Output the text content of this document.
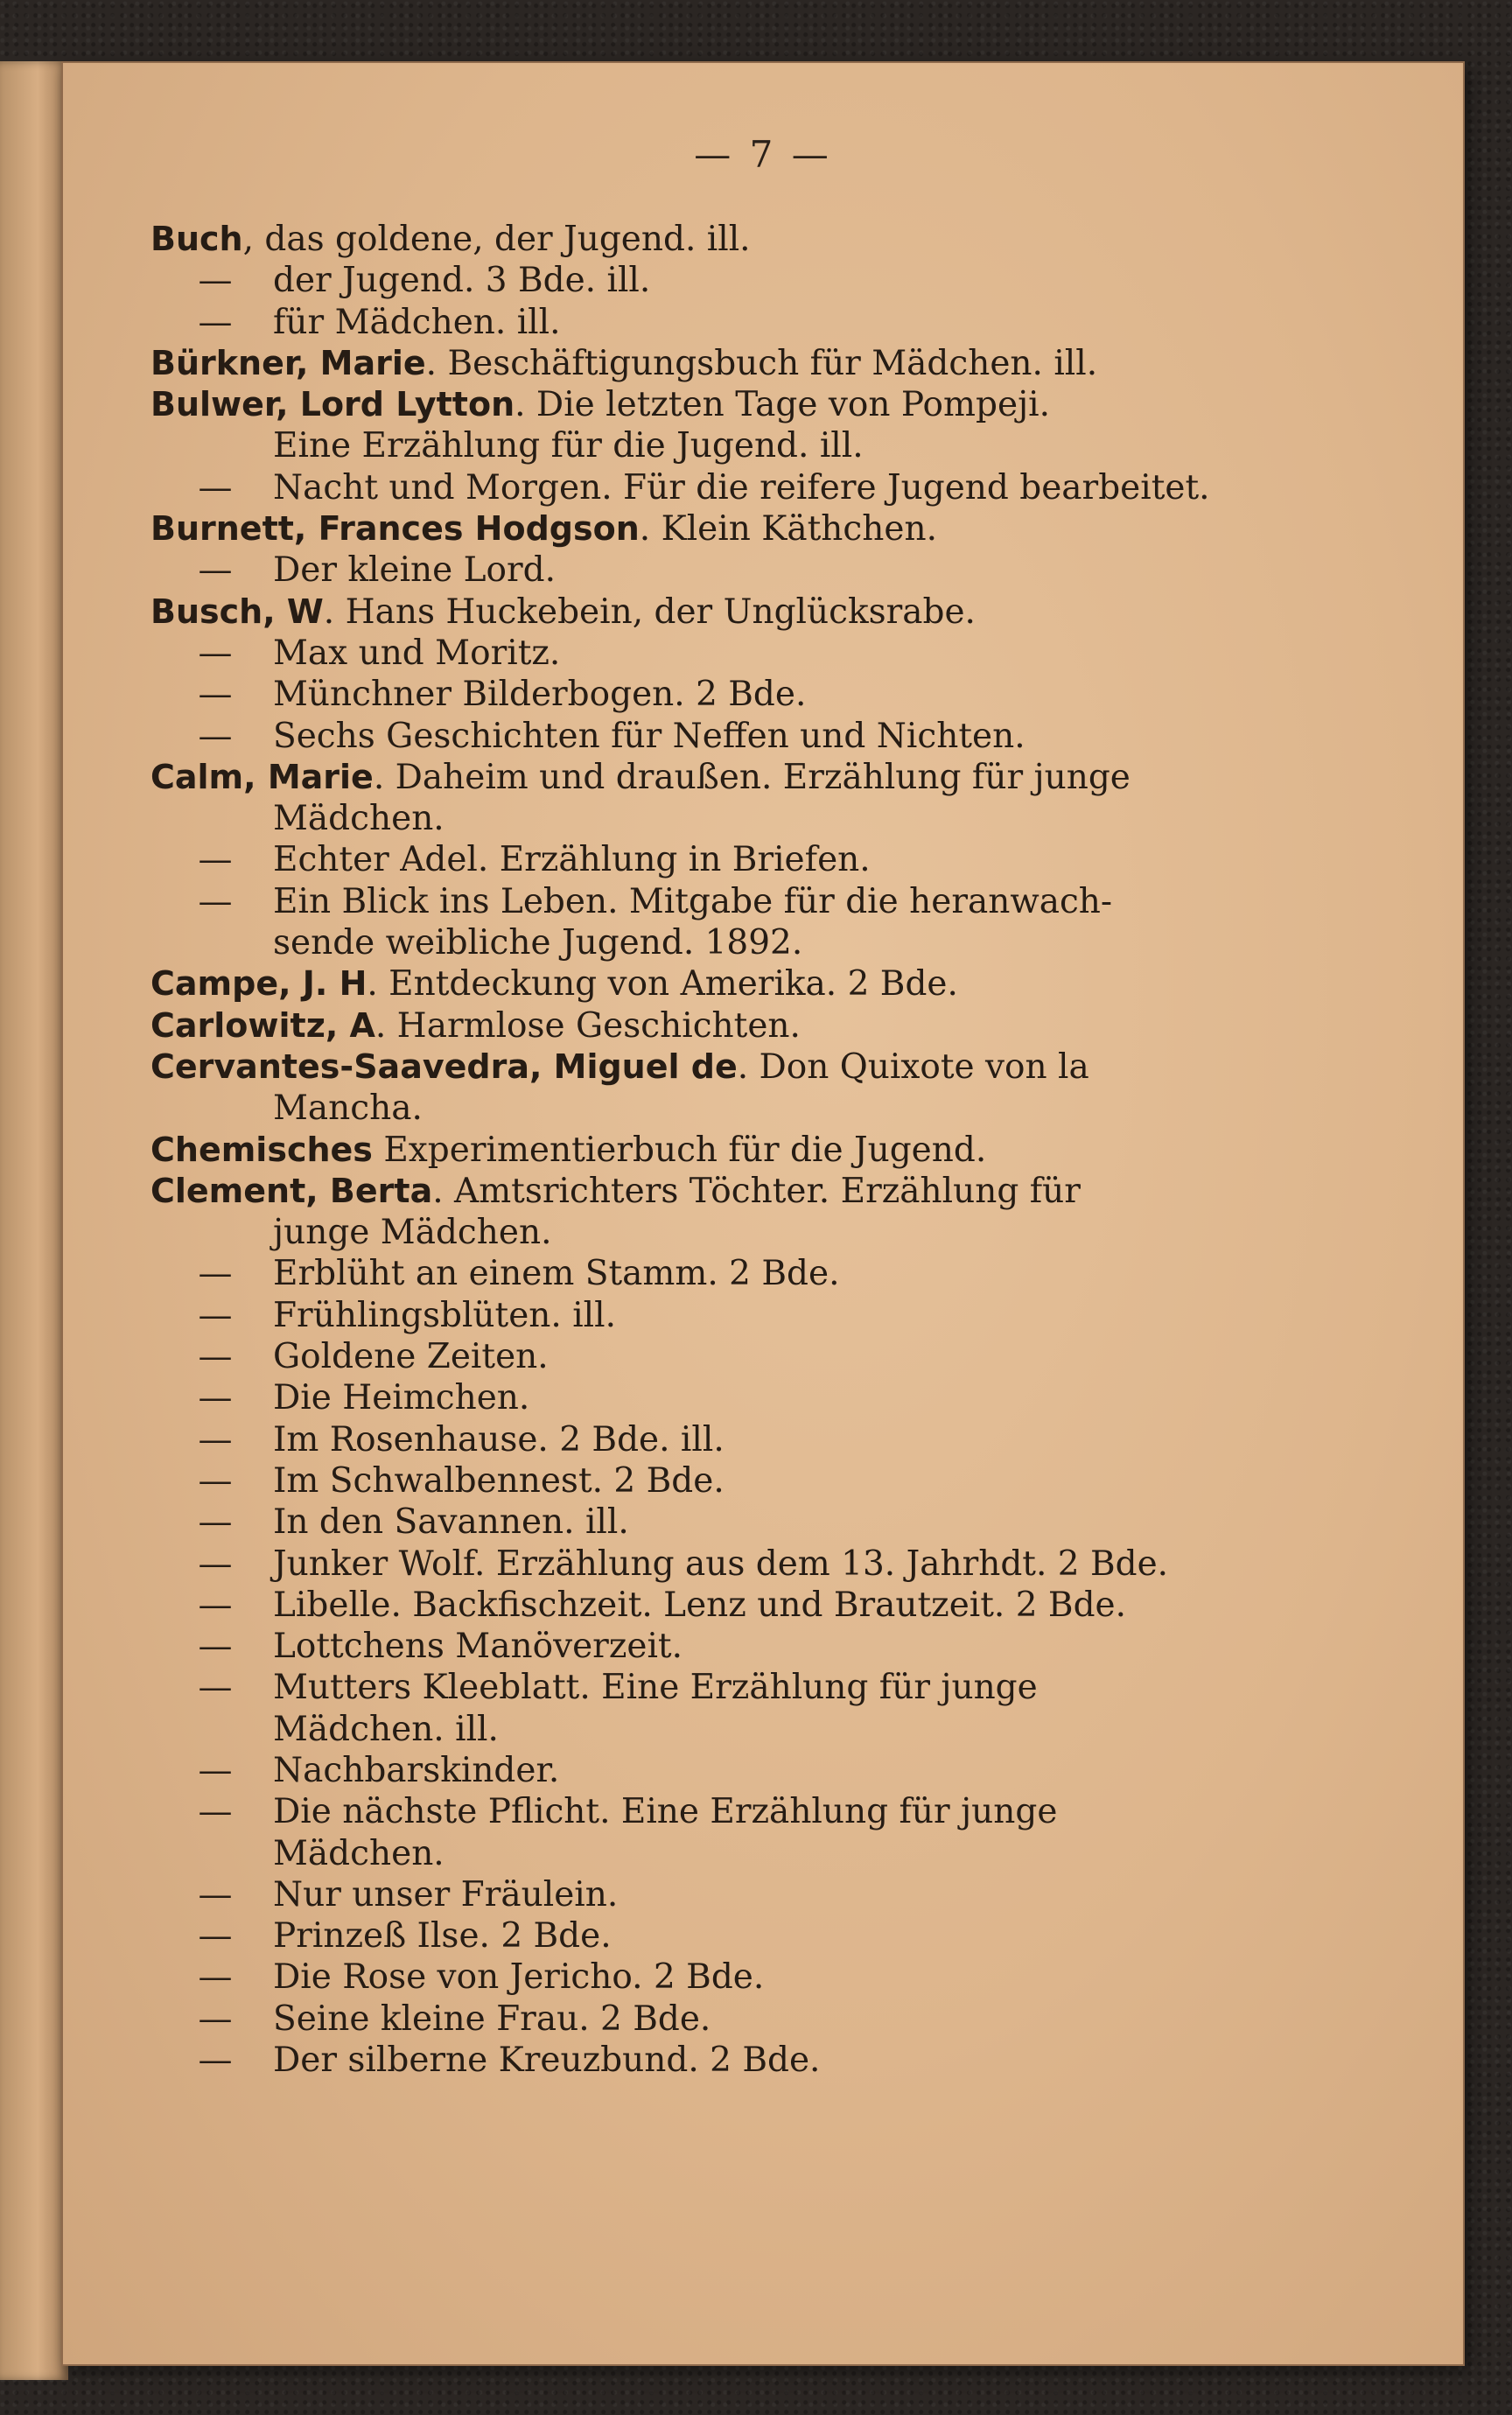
— 7 —
Buch, das goldene, der Jugend. ill.
— der Jugend. 3 Bde. ill.
— für Mädchen. ill.
Bürkner, Marie. Beschäftigungsbuch für Mädchen. ill.
Bulwer, Lord Lytton. Die letzten Tage von Pompeji.
Eine Erzählung für die Jugend. ill.
— Nacht und Morgen. Für die reifere Jugend bearbeitet.
Burnett, Frances Hodgson. Klein Käthchen.
— Der kleine Lord.
Busch, W. Hans Huckebein, der Unglücksrabe.
— Max und Moritz.
— Münchner Bilderbogen. 2 Bde.
— Sechs Geschichten für Neffen und Nichten.
Calm, Marie. Daheim und draußen. Erzählung für junge
Mädchen.
— Echter Adel. Erzählung in Briefen.
— Ein Blick ins Leben. Mitgabe für die heranwach-
sende weibliche Jugend. 1892.
Campe, J. H. Entdeckung von Amerika. 2 Bde.
Carlowitz, A. Harmlose Geschichten.
Cervantes-Saavedra, Miguel de. Don Quixote von la
Mancha.
Chemisches Experimentierbuch für die Jugend.
Clement, Berta. Amtsrichters Töchter. Erzählung für
junge Mädchen.
— Erblüht an einem Stamm. 2 Bde.
— Frühlingsblüten. ill.
— Goldene Zeiten.
— Die Heimchen.
— Im Rosenhause. 2 Bde. ill.
— Im Schwalbennest. 2 Bde.
— In den Savannen. ill.
— Junker Wolf. Erzählung aus dem 13. Jahrhdt. 2 Bde.
— Libelle. Backfischzeit. Lenz und Brautzeit. 2 Bde.
— Lottchens Manöverzeit.
— Mutters Kleeblatt. Eine Erzählung für junge
Mädchen. ill.
— Nachbarskinder.
— Die nächste Pflicht. Eine Erzählung für junge
Mädchen.
— Nur unser Fräulein.
— Prinzeß Ilse. 2 Bde.
— Die Rose von Jericho. 2 Bde.
— Seine kleine Frau. 2 Bde.
— Der silberne Kreuzbund. 2 Bde.
